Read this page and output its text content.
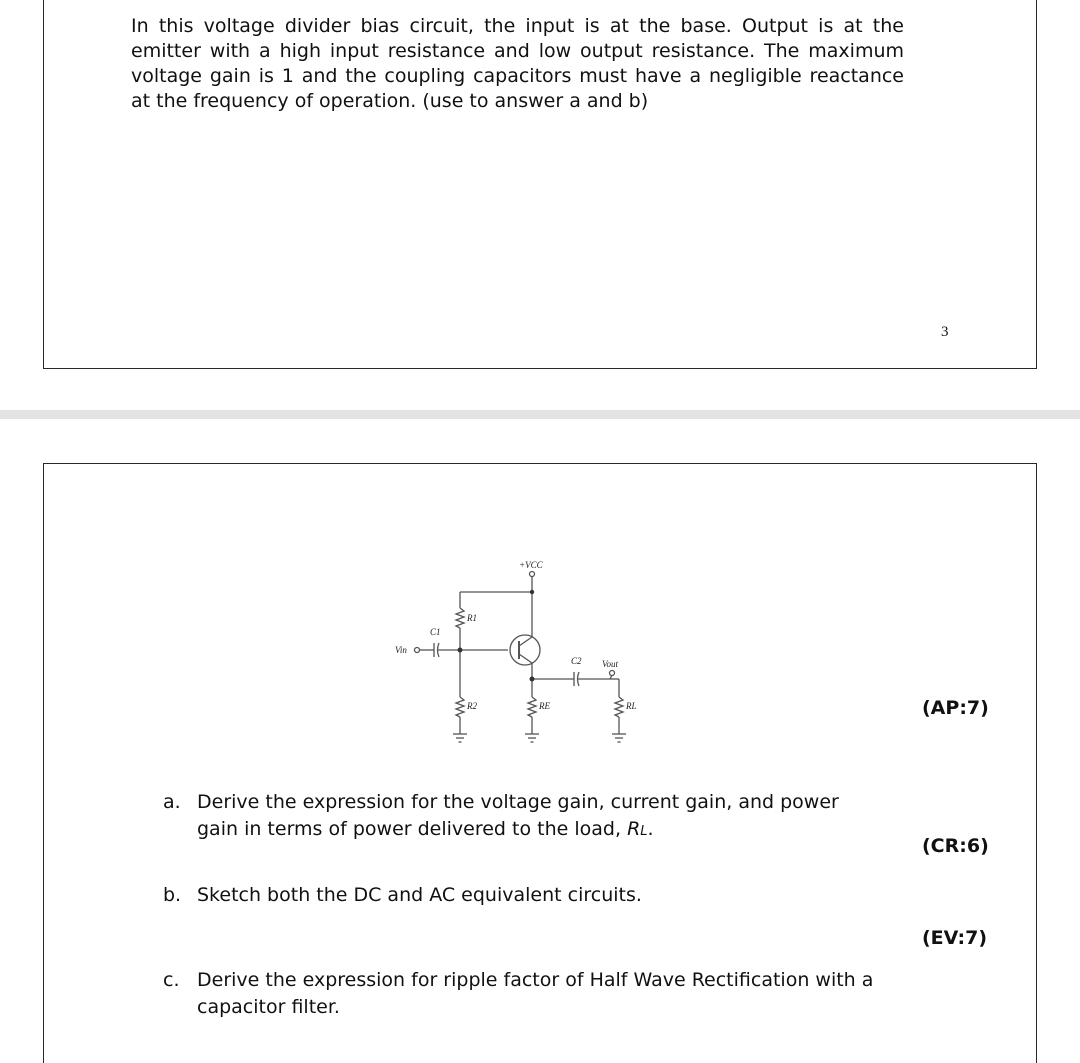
In this voltage divider bias circuit, the input is at the base. Output is at the emitter with a high input resistance and low output resistance. The maximum voltage gain is 1 and the coupling capacitors must have a negligible reactance at the frequency of operation. (use to answer a and b)

3
+VCC
R1
R2	RE	RL
C1
C2
Vin
Vout
(AP:7)
a. Derive the expression for the voltage gain, current gain, and power gain in terms of power delivered to the load, RL.
(CR:6)
b. Sketch both the DC and AC equivalent circuits.
(EV:7)
c. Derive the expression for ripple factor of Half Wave Rectification with a capacitor filter.
